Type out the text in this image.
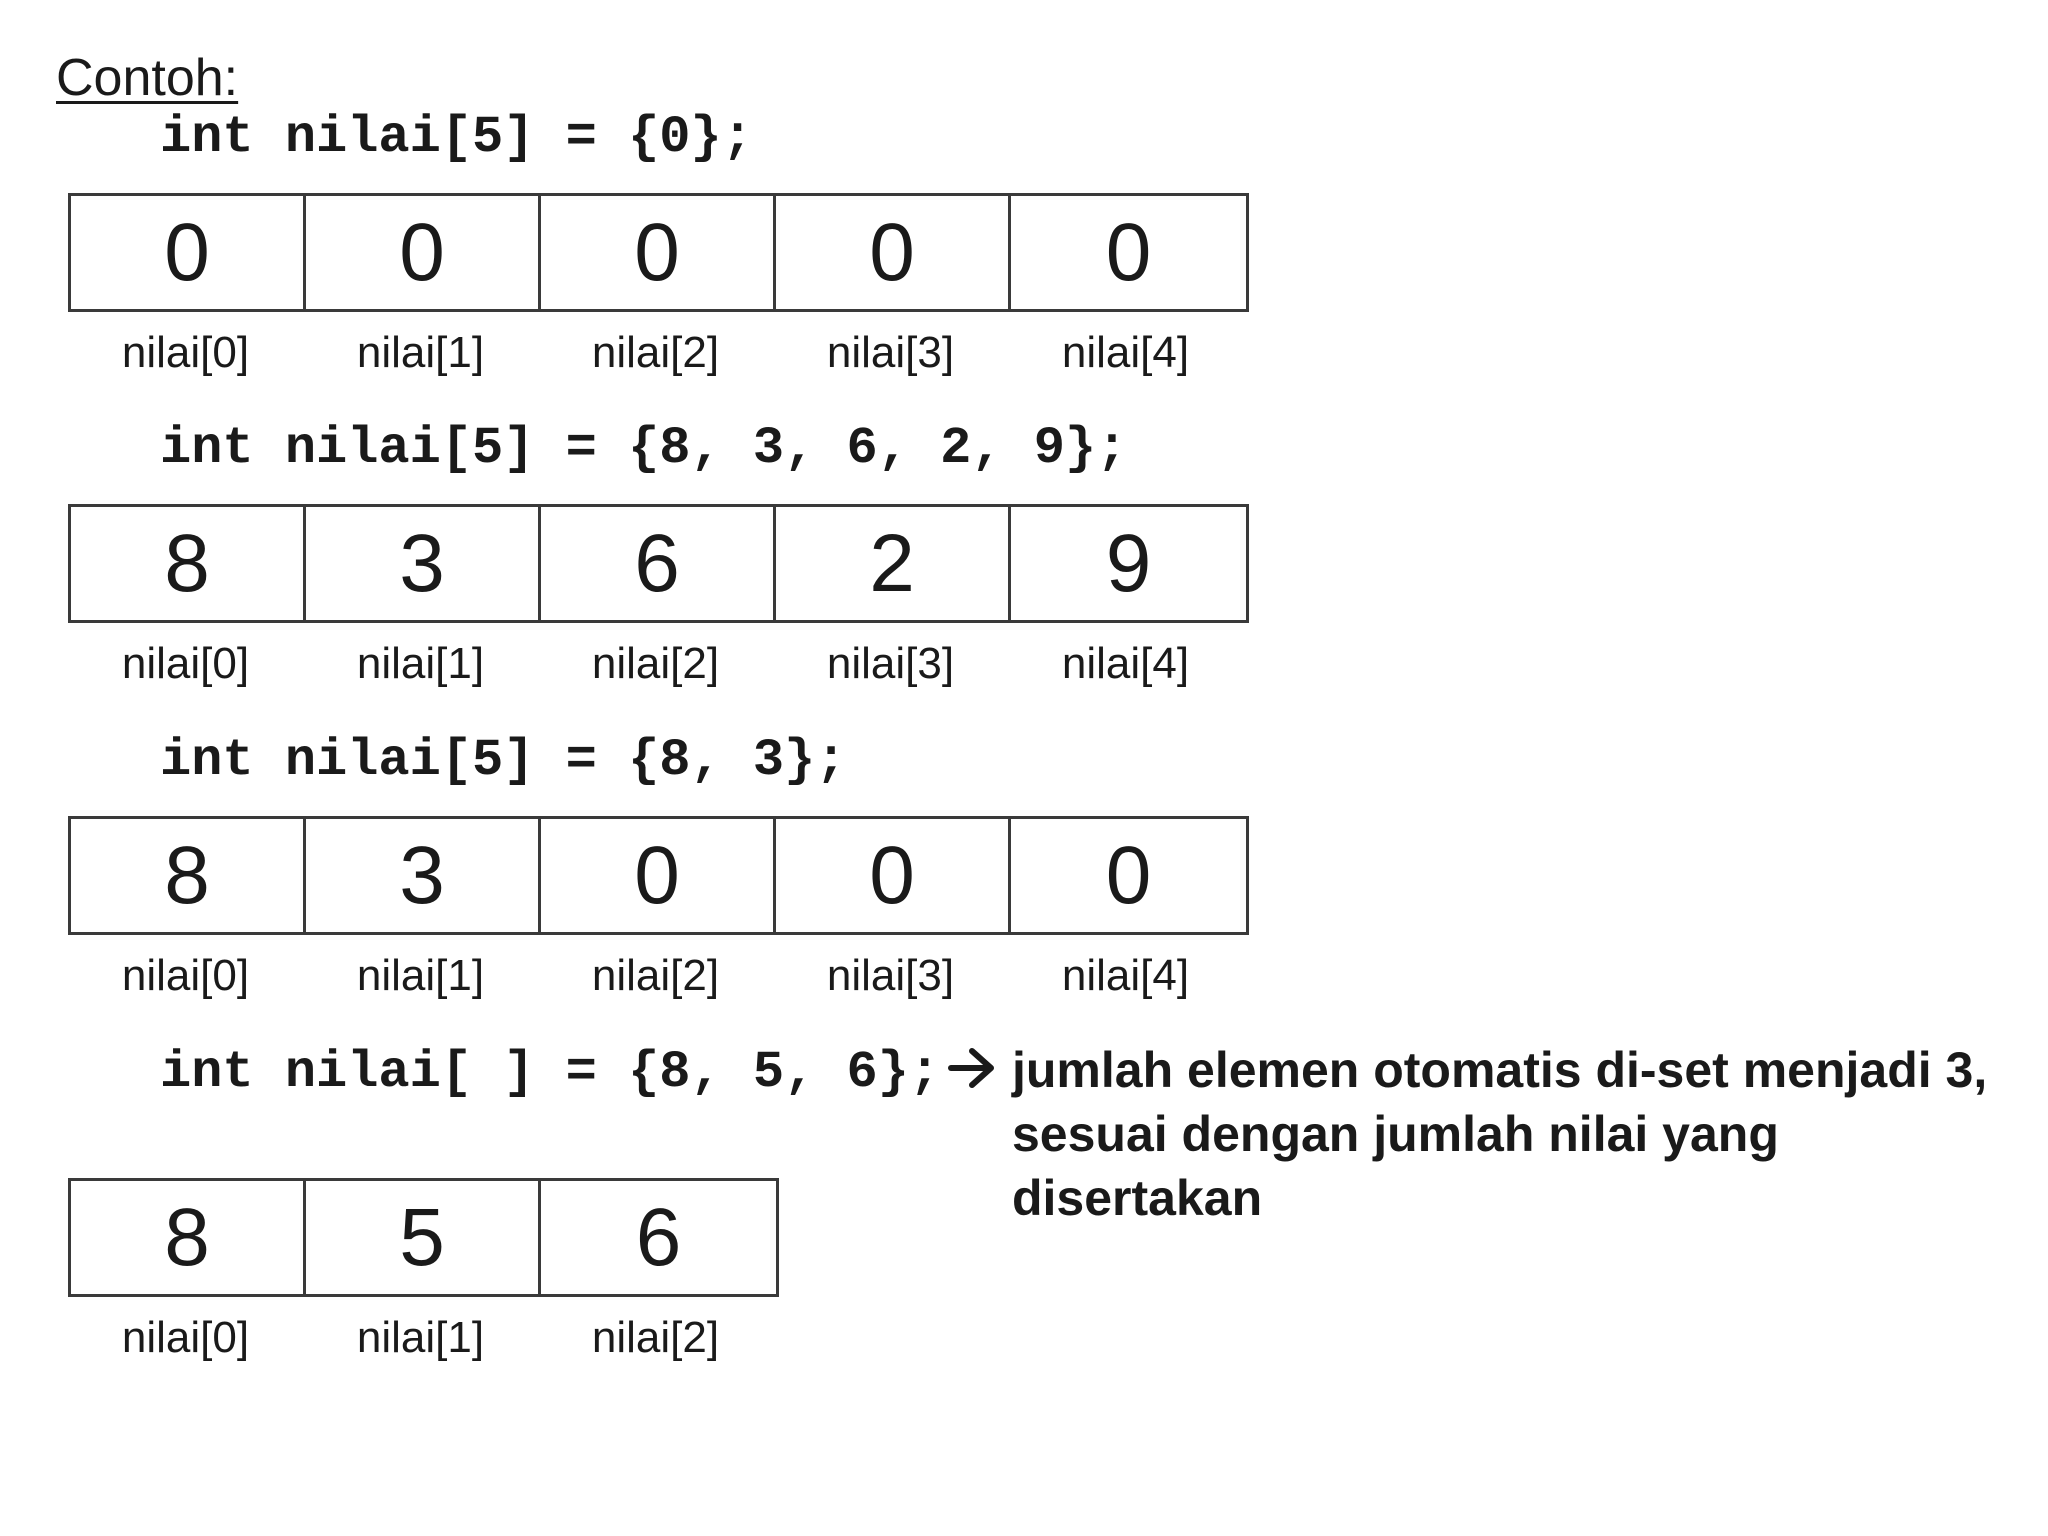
Contoh:
int nilai[5] = {0};
0	0	0	0	0
nilai[0]	nilai[1]	nilai[2]	nilai[3]	nilai[4]
int nilai[5] = {8, 3, 6, 2, 9};
8	3	6	2	9
nilai[0]	nilai[1]	nilai[2]	nilai[3]	nilai[4]
int nilai[5] = {8, 3};
8	3	0	0	0
nilai[0]	nilai[1]	nilai[2]	nilai[3]	nilai[4]
int nilai[ ] = {8, 5, 6}; jumlah elemen otomatis di-set menjadi 3, sesuai dengan jumlah nilai yang disertakan
8	5	6
nilai[0]	nilai[1]	nilai[2]
